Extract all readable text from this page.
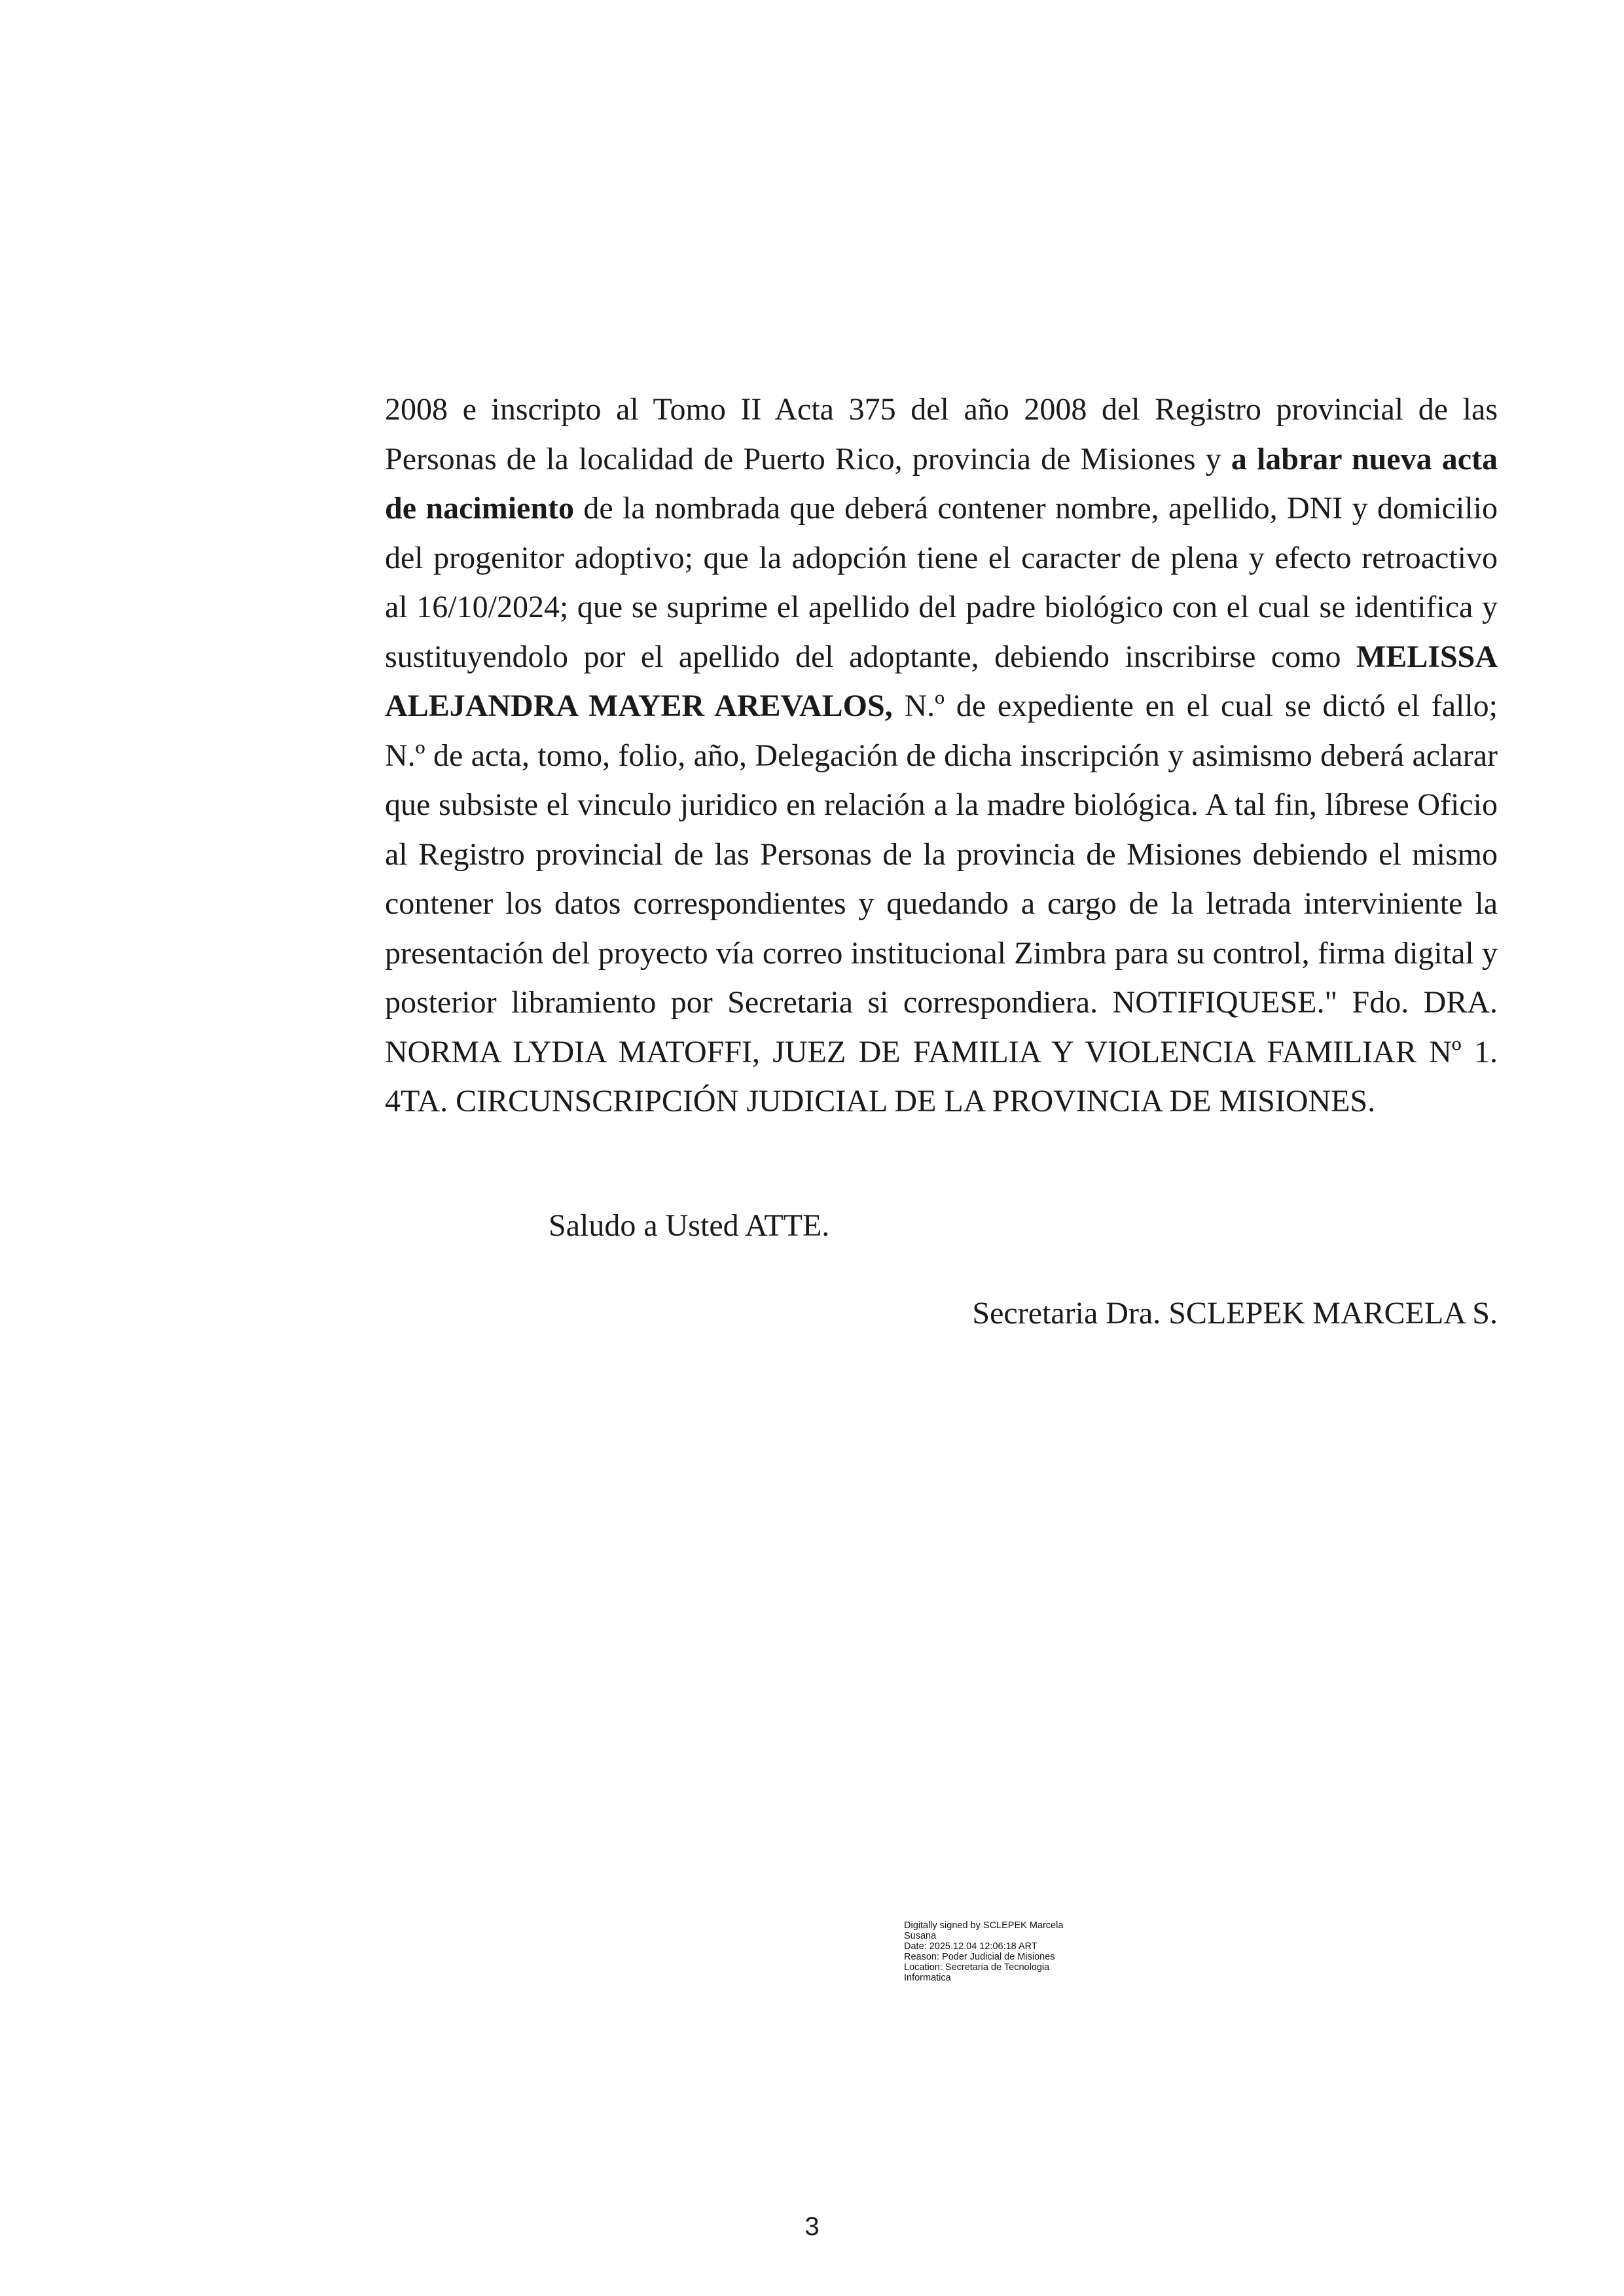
2008 e inscripto al Tomo II Acta 375 del año 2008 del Registro provincial de las Personas de la localidad de Puerto Rico, provincia de Misiones y a labrar nueva acta de nacimiento de la nombrada que deberá contener nombre, apellido, DNI y domicilio del progenitor adoptivo; que la adopción tiene el caracter de plena y efecto retroactivo al 16/10/2024; que se suprime el apellido del padre biológico con el cual se identifica y sustituyendolo por el apellido del adoptante, debiendo inscribirse como MELISSA ALEJANDRA MAYER AREVALOS, N.º de expediente en el cual se dictó el fallo; N.º de acta, tomo, folio, año, Delegación de dicha inscripción y asimismo deberá aclarar que subsiste el vinculo juridico en relación a la madre biológica. A tal fin, líbrese Oficio al Registro provincial de las Personas de la provincia de Misiones debiendo el mismo contener los datos correspondientes y quedando a cargo de la letrada interviniente la presentación del proyecto vía correo institucional Zimbra para su control, firma digital y posterior libramiento por Secretaria si correspondiera. NOTIFIQUESE." Fdo. DRA. NORMA LYDIA MATOFFI, JUEZ DE FAMILIA Y VIOLENCIA FAMILIAR Nº 1. 4TA. CIRCUNSCRIPCIÓN JUDICIAL DE LA PROVINCIA DE MISIONES.

Saludo a Usted ATTE.

Secretaria Dra. SCLEPEK MARCELA S.

Digitally signed by SCLEPEK Marcela
Susana
Date: 2025.12.04 12:06:18 ART
Reason: Poder Judicial de Misiones
Location: Secretaria de Tecnologia
Informatica
3
